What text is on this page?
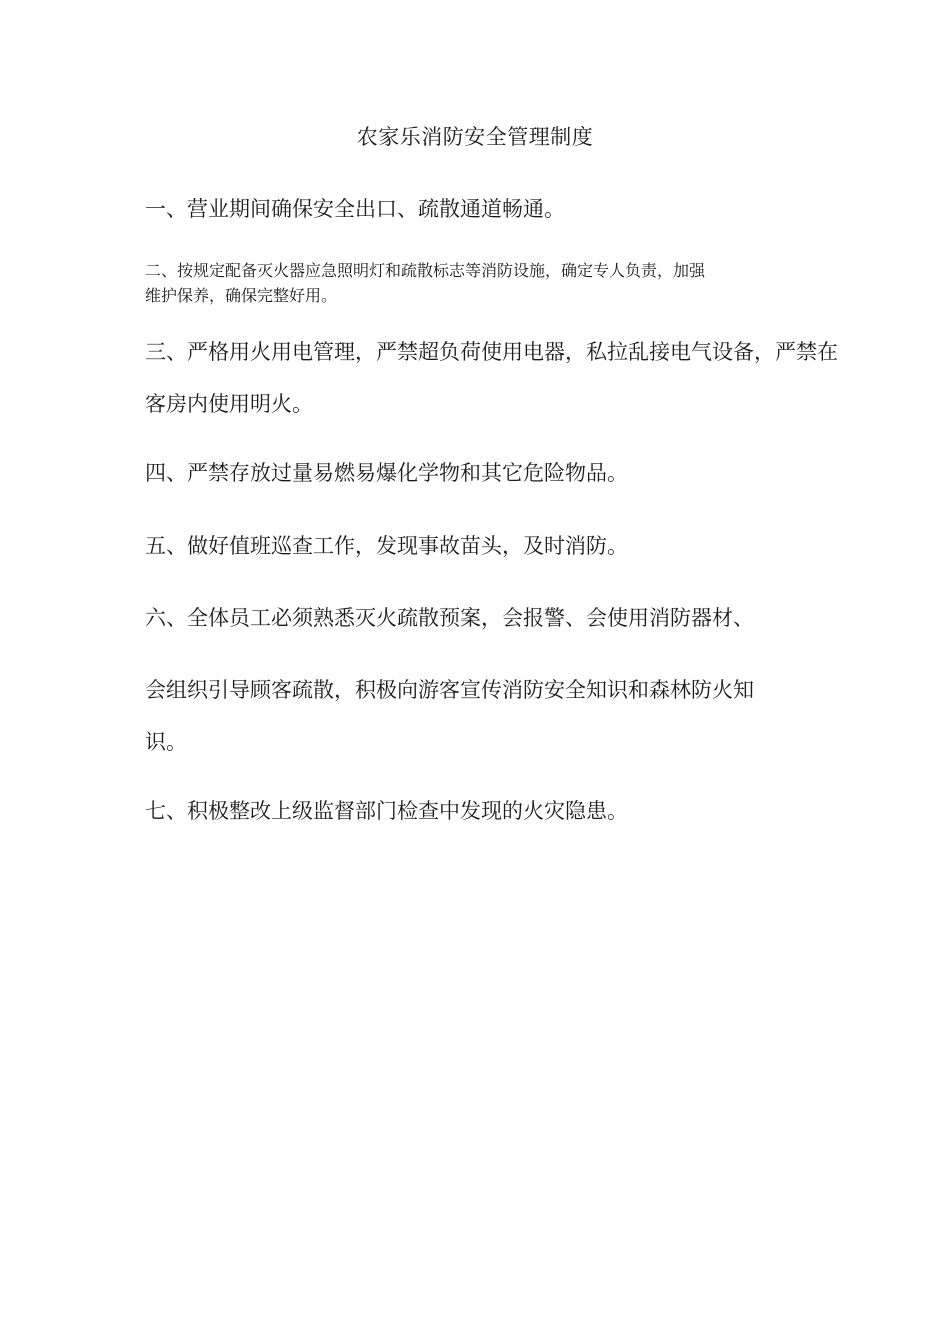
农家乐消防安全管理制度
一、营业期间确保安全出口、疏散通道畅通。
二、按规定配备灭火器应急照明灯和疏散标志等消防设施，确定专人负责，加强
维护保养，确保完整好用。
三、严格用火用电管理，严禁超负荷使用电器，私拉乱接电气设备，严禁在
客房内使用明火。
四、严禁存放过量易燃易爆化学物和其它危险物品。
五、做好值班巡查工作，发现事故苗头，及时消防。
六、全体员工必须熟悉灭火疏散预案，会报警、会使用消防器材、
会组织引导顾客疏散，积极向游客宣传消防安全知识和森林防火知
识。
七、积极整改上级监督部门检查中发现的火灾隐患。
